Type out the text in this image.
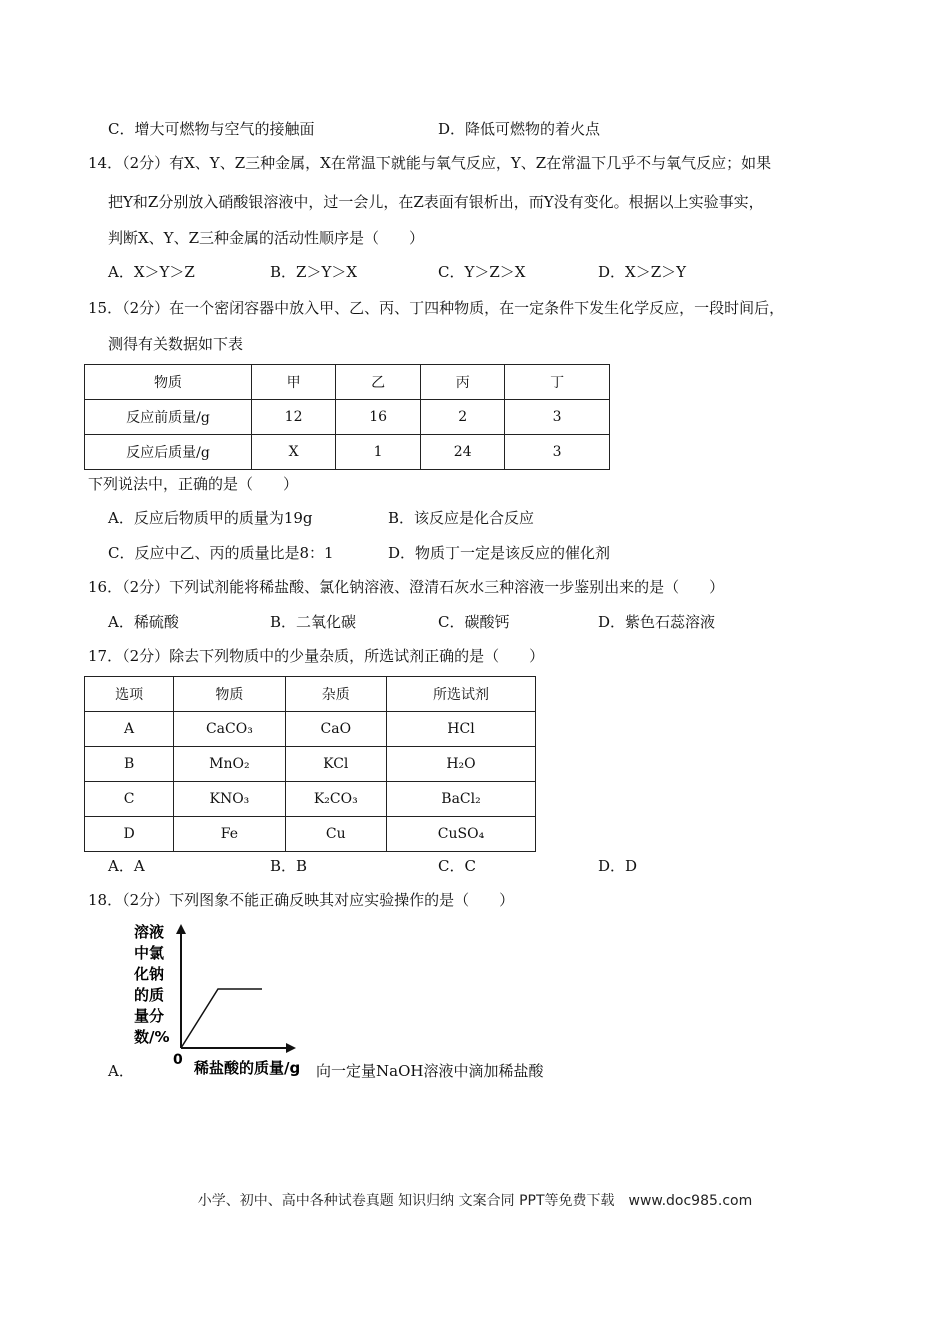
C．增大可燃物与空气的接触面	D．降低可燃物的着火点
14．（2分）有X、Y、Z三种金属，X在常温下就能与氧气反应，Y、Z在常温下几乎不与氧气反应；如果
把Y和Z分别放入硝酸银溶液中，过一会儿，在Z表面有银析出，而Y没有变化。根据以上实验事实，
判断X、Y、Z三种金属的活动性顺序是（　　）
A．X＞Y＞Z	B．Z＞Y＞X	C．Y＞Z＞X	D．X＞Z＞Y
15．（2分）在一个密闭容器中放入甲、乙、丙、丁四种物质，在一定条件下发生化学反应，一段时间后，
测得有关数据如下表
物质	甲	乙	丙	丁
反应前质量/g	12	16	2	3
反应后质量/g	X	1	24	3
下列说法中，正确的是（　　）
A．反应后物质甲的质量为19g	B．该反应是化合反应
C．反应中乙、丙的质量比是8：1	D．物质丁一定是该反应的催化剂
16．（2分）下列试剂能将稀盐酸、氯化钠溶液、澄清石灰水三种溶液一步鉴别出来的是（　　）
A．稀硫酸	B．二氧化碳	C．碳酸钙	D．紫色石蕊溶液
17．（2分）除去下列物质中的少量杂质，所选试剂正确的是（　　）
选项	物质	杂质	所选试剂
A	CaCO₃	CaO	HCl
B	MnO₂	KCl	H₂O
C	KNO₃	K₂CO₃	BaCl₂
D	Fe	Cu	CuSO₄
A．A	B．B	C．C	D．D
18．（2分）下列图象不能正确反映其对应实验操作的是（　　）
A．
溶液
中氯
化钠
的质
量分
数/%
0 稀盐酸的质量/g 向一定量NaOH溶液中滴加稀盐酸
小学、初中、高中各种试卷真题 知识归纳 文案合同 PPT等免费下载　www.doc985.com
